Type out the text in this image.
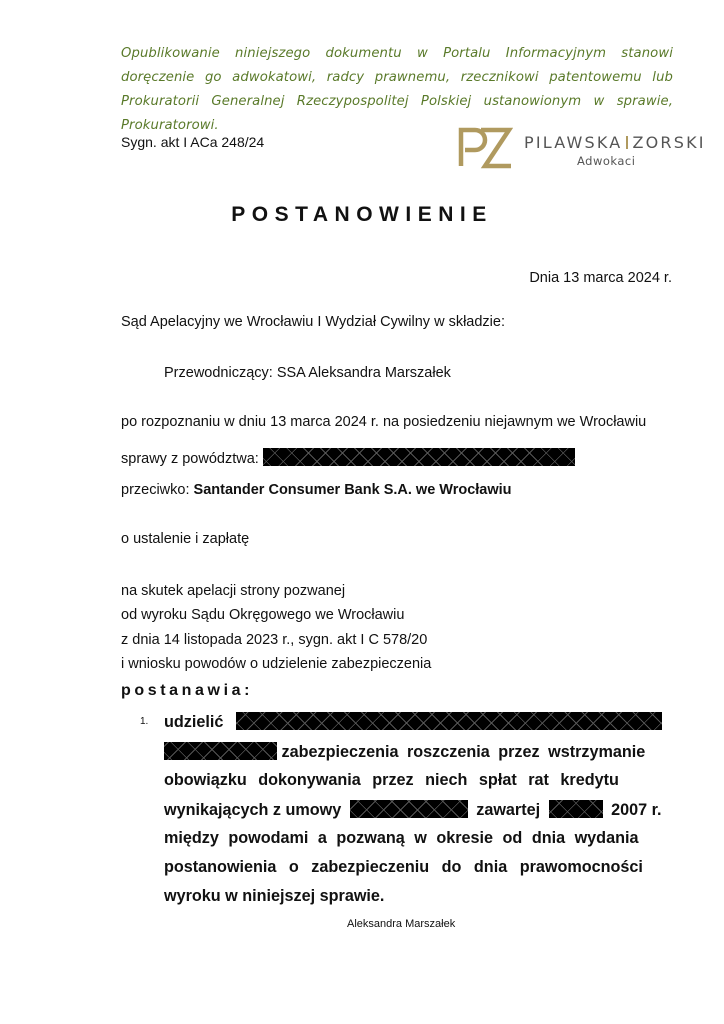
Opublikowanie niniejszego dokumentu w Portalu Informacyjnym stanowi doręczenie go adwokatowi, radcy prawnemu, rzecznikowi patentowemu lub Prokuratorii Generalnej Rzeczypospolitej Polskiej ustanowionym w sprawie, Prokuratorowi.
Sygn. akt I ACa 248/24	PILAWSKA ZORSKI
Adwokaci
POSTANOWIENIE
Dnia 13 marca 2024 r.
Sąd Apelacyjny we Wrocławiu I Wydział Cywilny w składzie:
Przewodniczący: SSA Aleksandra Marszałek
po rozpoznaniu w dniu 13 marca 2024 r. na posiedzeniu niejawnym we Wrocławiu
sprawy z powództwa:
przeciwko: Santander Consumer Bank S.A. we Wrocławiu
o ustalenie i zapłatę
na skutek apelacji strony pozwanej
od wyroku Sądu Okręgowego we Wrocławiu
z dnia 14 listopada 2023 r., sygn. akt I C 578/20
i wniosku powodów o udzielenie zabezpieczenia
postanawia:
1. udzielić
zabezpieczenia roszczenia przez wstrzymanie
obowiązku dokonywania przez niech spłat rat kredytu
wynikających z umowy	zawartej	2007 r.
między powodami a pozwaną w okresie od dnia wydania
postanowienia o zabezpieczeniu do dnia prawomocności
wyroku w niniejszej sprawie.
Aleksandra Marszałek
